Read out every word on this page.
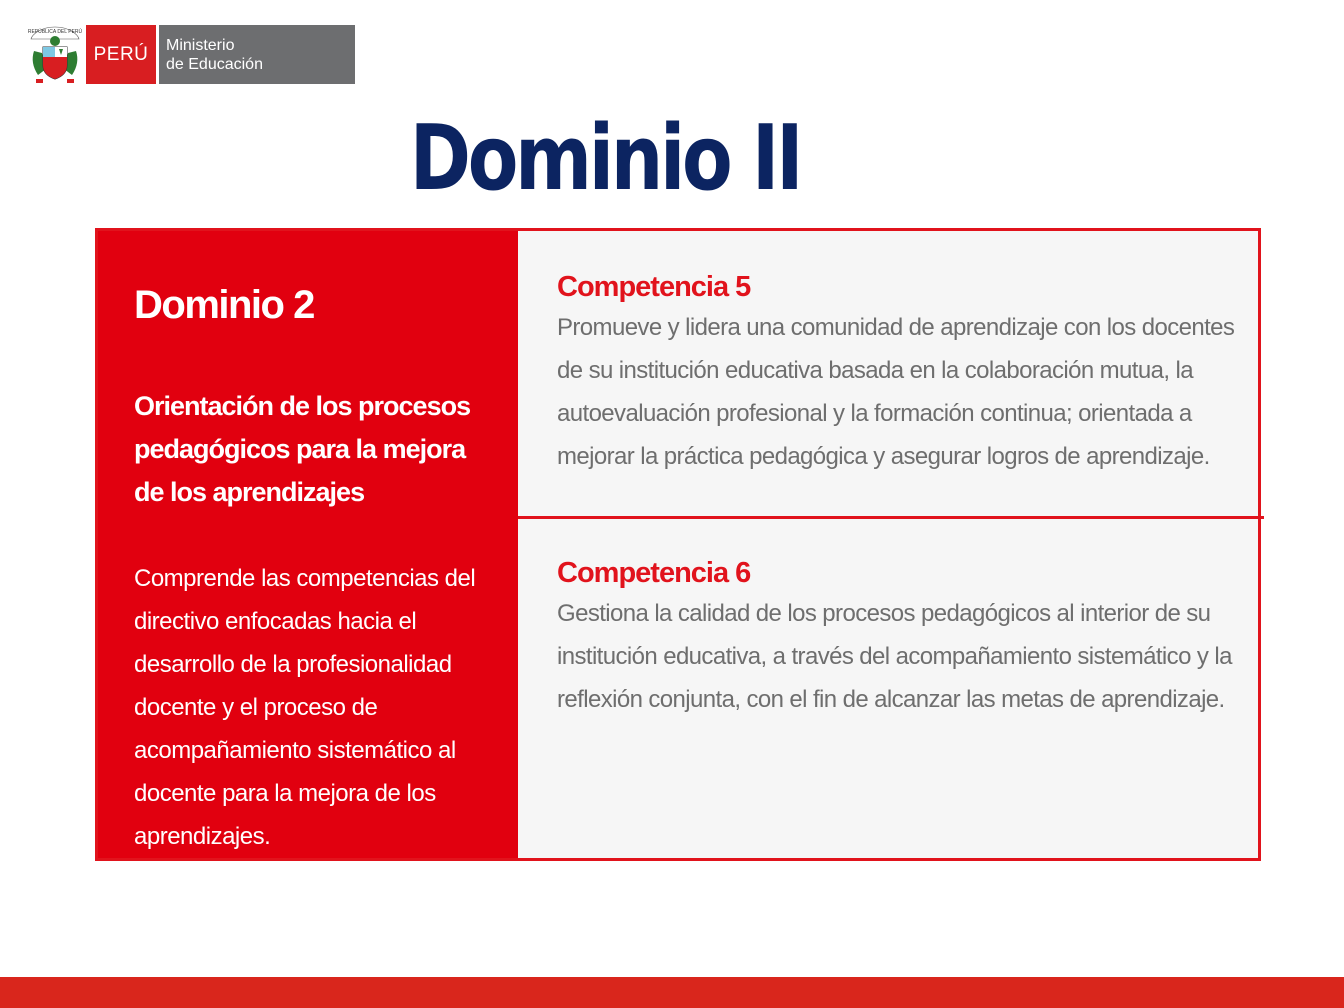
REPÚBLICA DEL PERÚ
PERÚ	Ministerio
de Educación
Dominio II
Dominio 2
Orientación de los procesos pedagógicos para la mejora de los aprendizajes
Comprende las competencias del directivo enfocadas hacia el desarrollo de la profesionalidad docente y el proceso de acompañamiento sistemático al docente para la mejora de los aprendizajes.
Competencia 5
Promueve y lidera una comunidad de aprendizaje con los docentes de su institución educativa basada en la colaboración mutua, la autoevaluación profesional y la formación continua; orientada a mejorar la práctica pedagógica y asegurar logros de aprendizaje.
Competencia 6
Gestiona la calidad de los procesos pedagógicos al interior de su institución educativa, a través del acompañamiento sistemático y la reflexión conjunta, con el fin de alcanzar las metas de aprendizaje.
